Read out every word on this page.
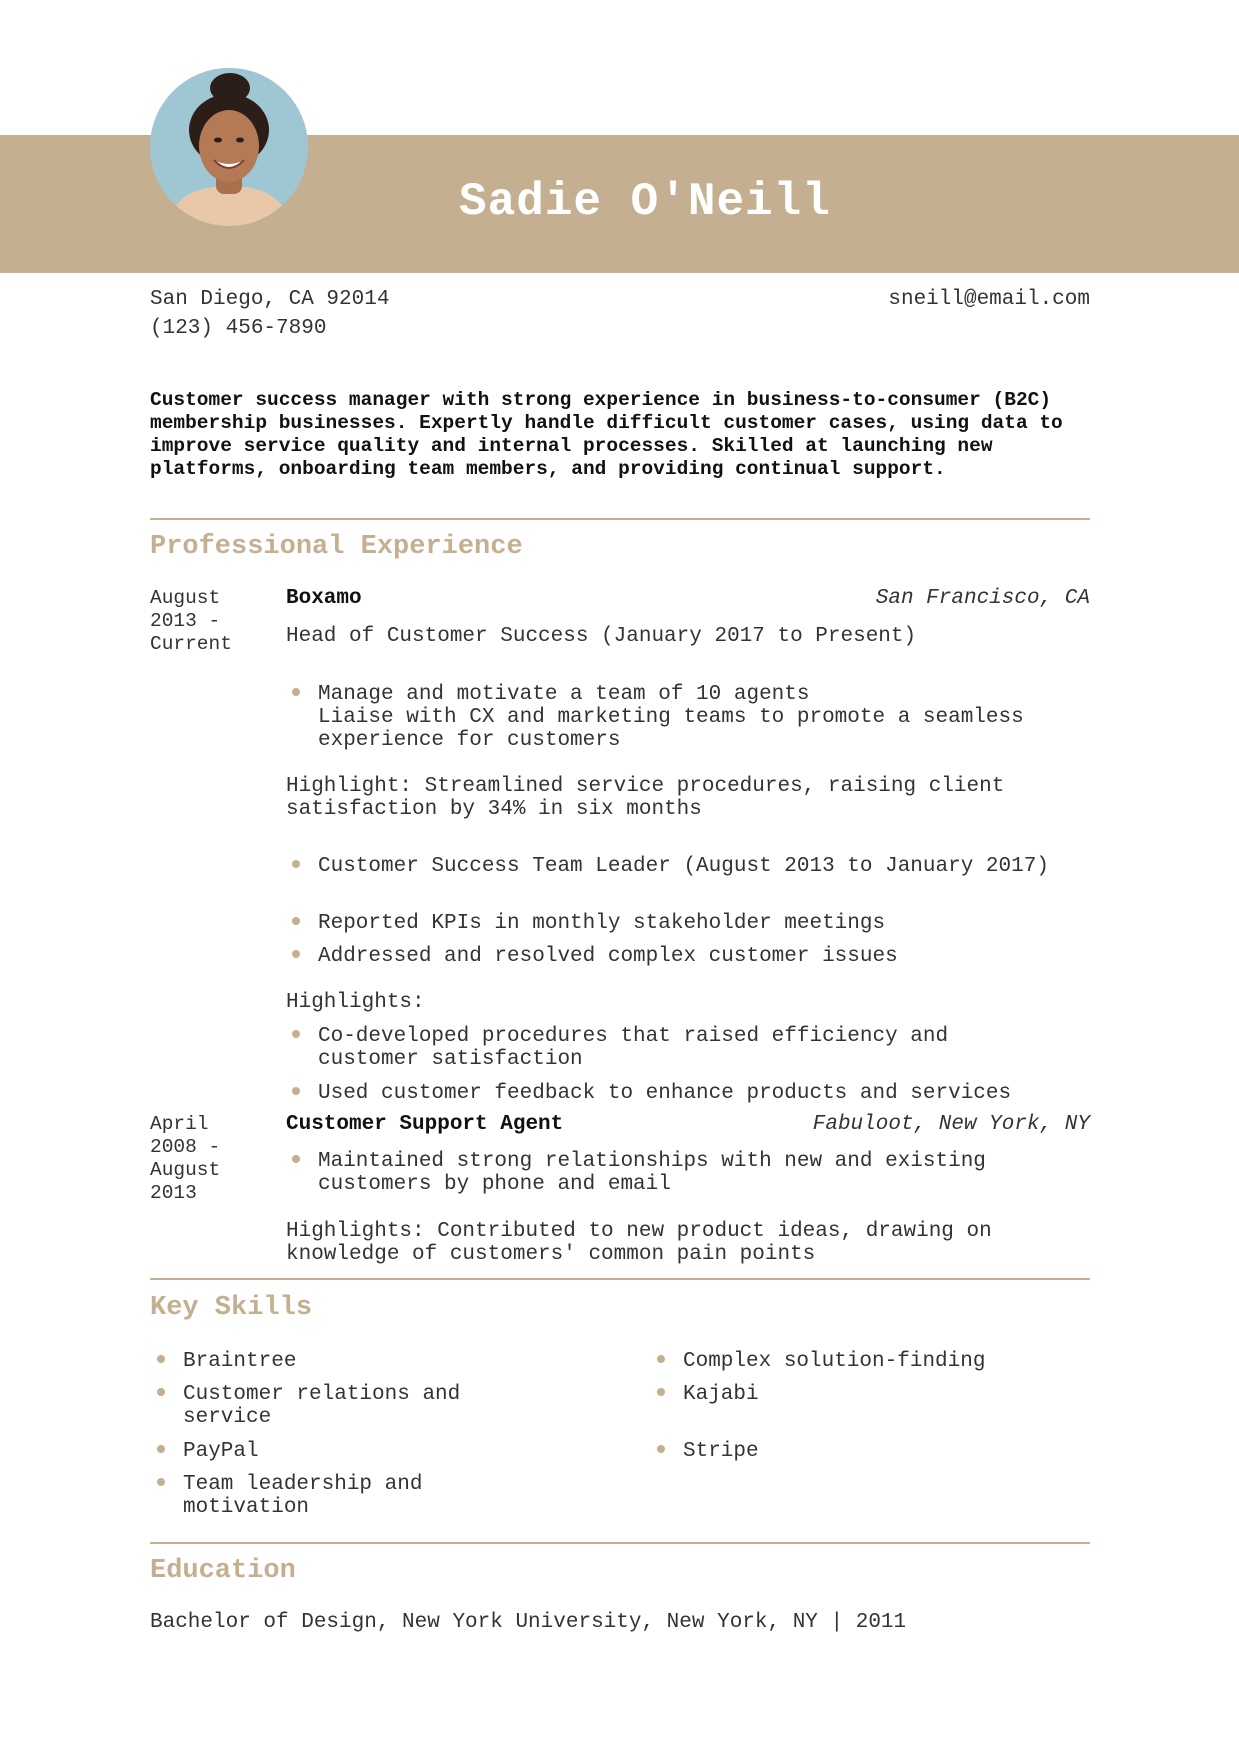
Sadie O'Neill
San Diego, CA 92014
(123) 456-7890
sneill@email.com
Customer success manager with strong experience in business-to-consumer (B2C) membership businesses. Expertly handle difficult customer cases, using data to improve service quality and internal processes. Skilled at launching new platforms, onboarding team members, and providing continual support.
Professional Experience
August 2013 - Current
Boxamo	San Francisco, CA
Head of Customer Success (January 2017 to Present)
Manage and motivate a team of 10 agents
Liaise with CX and marketing teams to promote a seamless experience for customers
Highlight: Streamlined service procedures, raising client satisfaction by 34% in six months
Customer Success Team Leader (August 2013 to January 2017)
Reported KPIs in monthly stakeholder meetings
Addressed and resolved complex customer issues
Highlights:
Co-developed procedures that raised efficiency and customer satisfaction
Used customer feedback to enhance products and services
April 2008 - August 2013
Customer Support Agent	Fabuloot, New York, NY
Maintained strong relationships with new and existing customers by phone and email
Highlights: Contributed to new product ideas, drawing on knowledge of customers' common pain points
Key Skills
Braintree
Customer relations and service
PayPal
Team leadership and motivation
Complex solution-finding
Kajabi
Stripe
Education
Bachelor of Design, New York University, New York, NY | 2011
